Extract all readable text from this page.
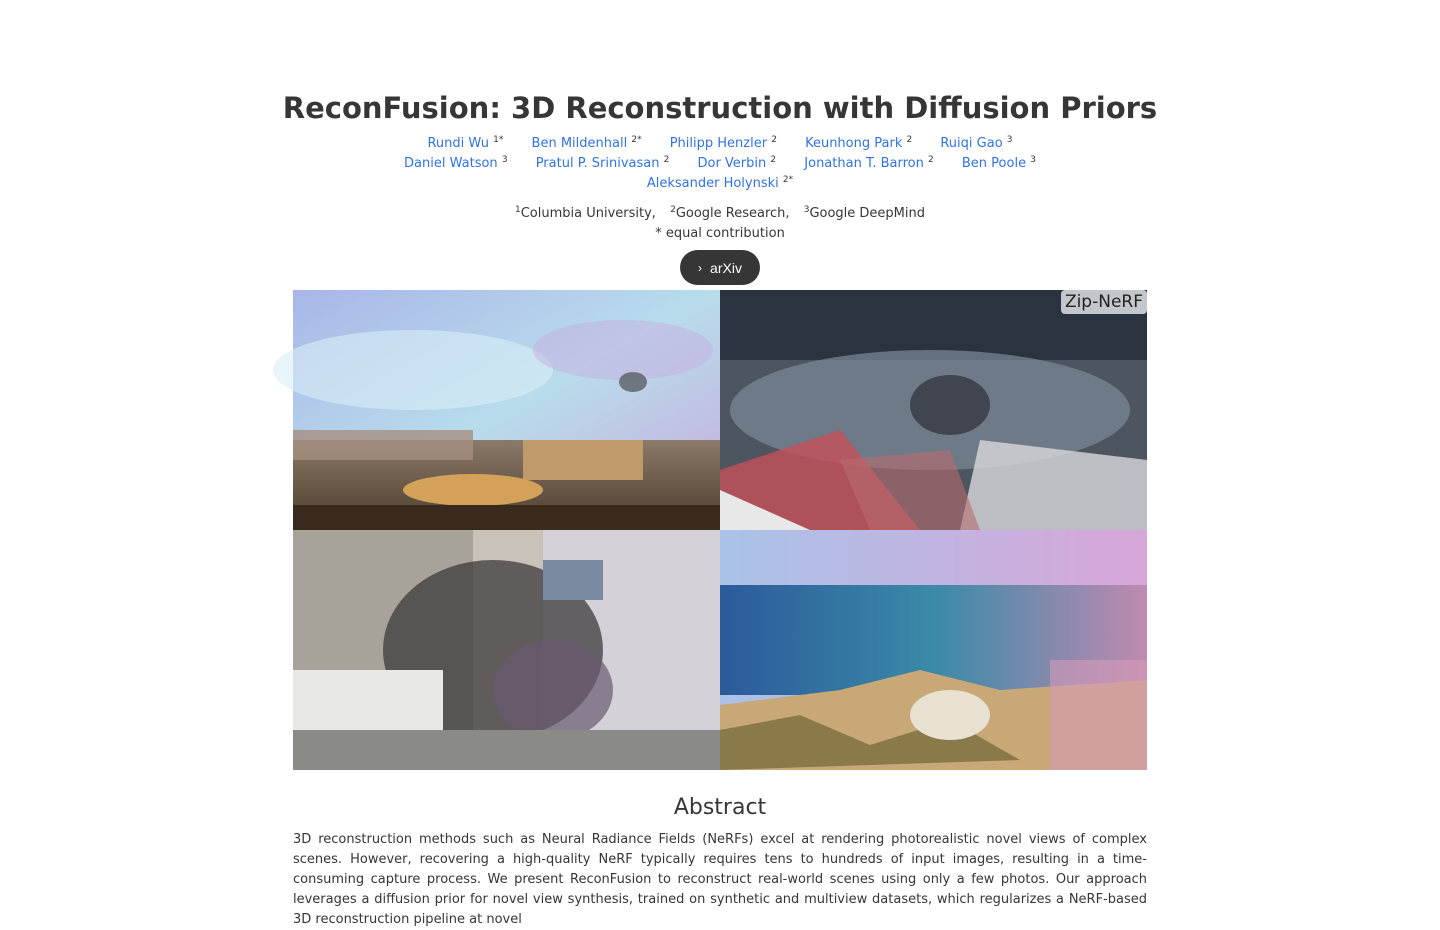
ReconFusion: 3D Reconstruction with Diffusion Priors
Rundi Wu $^{1*}$ Ben Mildenhall $^{2*}$ Philipp Henzler $^2$ Keunhong Park $^2$ Ruiqi Gao $^3$
Daniel Watson $^3$ Pratul P. Srinivasan $^2$ Dor Verbin $^2$ Jonathan T. Barron $^2$ Ben Poole $^3$
Aleksander Holynski $^{2*}$
$^1$Columbia University, $^2$Google Research, $^3$Google DeepMind
* equal contribution
› arXiv
Zip-NeRF
Abstract

3D reconstruction methods such as Neural Radiance Fields (NeRFs) excel at rendering photorealistic novel views of complex scenes. However, recovering a high-quality NeRF typically requires tens to hundreds of input images, resulting in a time-consuming capture process. We present ReconFusion to reconstruct real-world scenes using only a few photos. Our approach leverages a diffusion prior for novel view synthesis, trained on synthetic and multiview datasets, which regularizes a NeRF-based 3D reconstruction pipeline at novel
